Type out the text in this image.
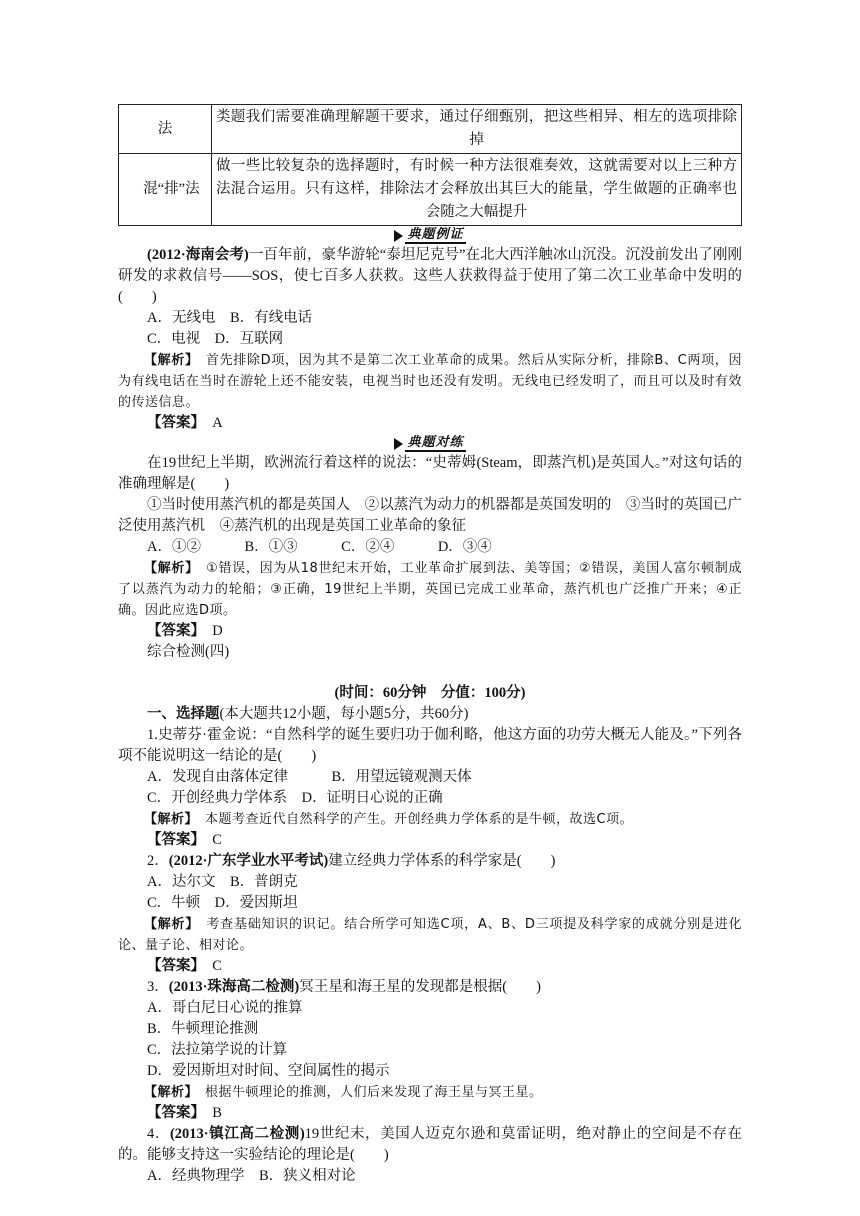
法	类题我们需要准确理解题干要求，通过仔细甄别，把这些相异、相左的选项排除掉
混“排”法	做一些比较复杂的选择题时，有时候一种方法很难奏效，这就需要对以上三种方法混合运用。只有这样，排除法才会释放出其巨大的能量，学生做题的正确率也会随之大幅提升
典题例证

(2012·海南会考)一百年前，豪华游轮“泰坦尼克号”在北大西洋触冰山沉没。沉没前发出了刚刚研发的求救信号——SOS，使七百多人获救。这些人获救得益于使用了第二次工业革命中发明的(　　)

A．无线电　B．有线电话

C．电视　D．互联网

【解析】　 首先排除D项，因为其不是第二次工业革命的成果。然后从实际分析，排除B、C两项，因为有线电话在当时在游轮上还不能安装，电视当时也还没有发明。无线电已经发明了，而且可以及时有效的传送信息。

【答案】　 A

典题对练

在19世纪上半期，欧洲流行着这样的说法：“史蒂姆(Steam，即蒸汽机)是英国人。”对这句话的准确理解是(　　)

①当时使用蒸汽机的都是英国人　②以蒸汽为动力的机器都是英国发明的　③当时的英国已广泛使用蒸汽机　④蒸汽机的出现是英国工业革命的象征

A．①②　　　B．①③　　　C．②④　　　D．③④

【解析】　 ①错误，因为从18世纪末开始，工业革命扩展到法、美等国；②错误，美国人富尔顿制成了以蒸汽为动力的轮船；③正确，19世纪上半期，英国已完成工业革命，蒸汽机也广泛推广开来；④正确。因此应选D项。

【答案】　 D

综合检测(四)

(时间：60分钟　分值：100分)

一、选择题(本大题共12小题，每小题5分，共60分)

1.史蒂芬·霍金说：“自然科学的诞生要归功于伽利略，他这方面的功劳大概无人能及。”下列各项不能说明这一结论的是(　　)

A．发现自由落体定律　　　B．用望远镜观测天体

C．开创经典力学体系　D．证明日心说的正确

【解析】　 本题考查近代自然科学的产生。开创经典力学体系的是牛顿，故选C项。

【答案】　 C

2．(2012·广东学业水平考试)建立经典力学体系的科学家是(　　)

A．达尔文　B．普朗克

C．牛顿　D．爱因斯坦

【解析】　 考查基础知识的识记。结合所学可知选C项，A、B、D三项提及科学家的成就分别是进化论、量子论、相对论。

【答案】　 C

3．(2013·珠海高二检测)冥王星和海王星的发现都是根据(　　)

A．哥白尼日心说的推算

B．牛顿理论推测

C．法拉第学说的计算

D．爱因斯坦对时间、空间属性的揭示

【解析】　 根据牛顿理论的推测，人们后来发现了海王星与冥王星。

【答案】　 B

4．(2013·镇江高二检测)19世纪末，美国人迈克尔逊和莫雷证明，绝对静止的空间是不存在的。能够支持这一实验结论的理论是(　　)

A．经典物理学　B．狭义相对论
